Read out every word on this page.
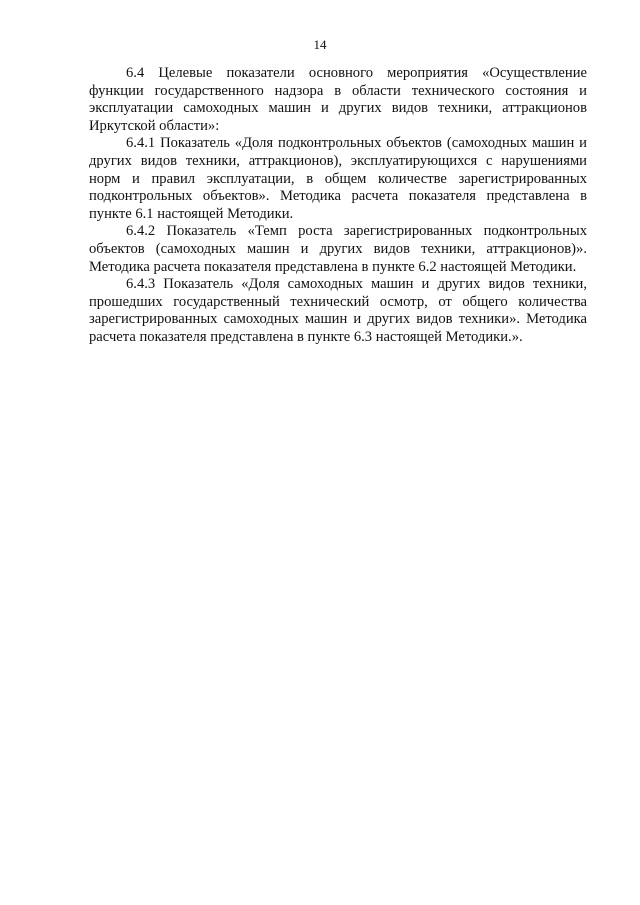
14

6.4 Целевые показатели основного мероприятия «Осуществление функции государственного надзора в области технического состояния и эксплуатации самоходных машин и других видов техники, аттракционов Иркутской области»:

6.4.1 Показатель «Доля подконтрольных объектов (самоходных машин и других видов техники, аттракционов), эксплуатирующихся с нарушениями норм и правил эксплуатации, в общем количестве зарегистрированных подконтрольных объектов». Методика расчета показателя представлена в пункте 6.1 настоящей Методики.

6.4.2 Показатель «Темп роста зарегистрированных подконтрольных объектов (самоходных машин и других видов техники, аттракционов)». Методика расчета показателя представлена в пункте 6.2 настоящей Методики.

6.4.3 Показатель «Доля самоходных машин и других видов техники, прошедших государственный технический осмотр, от общего количества зарегистрированных самоходных машин и других видов техники». Методика расчета показателя представлена в пункте 6.3 настоящей Методики.».
